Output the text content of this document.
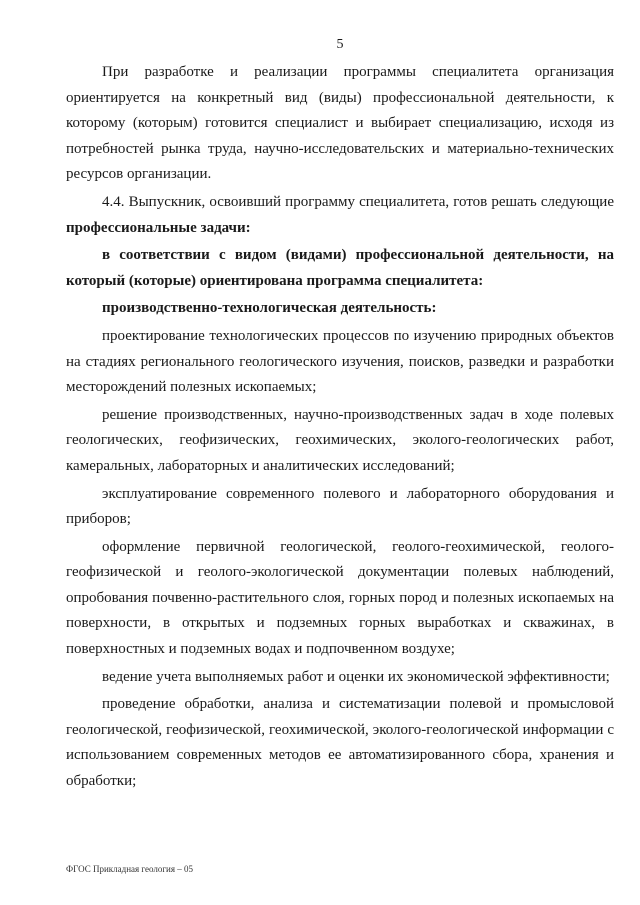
5

При разработке и реализации программы специалитета организация ориентируется на конкретный вид (виды) профессиональной деятельности, к которому (которым) готовится специалист и выбирает специализацию, исходя из потребностей рынка труда, научно-исследовательских и материально-технических ресурсов организации.

4.4. Выпускник, освоивший программу специалитета, готов решать следующие профессиональные задачи:

в соответствии с видом (видами) профессиональной деятельности, на который (которые) ориентирована программа специалитета:

производственно-технологическая деятельность:

проектирование технологических процессов по изучению природных объектов на стадиях регионального геологического изучения, поисков, разведки и разработки месторождений полезных ископаемых;

решение производственных, научно-производственных задач в ходе полевых геологических, геофизических, геохимических, эколого-геологических работ, камеральных, лабораторных и аналитических исследований;

эксплуатирование современного полевого и лабораторного оборудования и приборов;

оформление первичной геологической, геолого-геохимической, геолого-геофизической и геолого-экологической документации полевых наблюдений, опробования почвенно-растительного слоя, горных пород и полезных ископаемых на поверхности, в открытых и подземных горных выработках и скважинах, в поверхностных и подземных водах и подпочвенном воздухе;

ведение учета выполняемых работ и оценки их экономической эффективности;

проведение обработки, анализа и систематизации полевой и промысловой геологической, геофизической, геохимической, эколого-геологической информации с использованием современных методов ее автоматизированного сбора, хранения и обработки;

ФГОС Прикладная геология – 05
